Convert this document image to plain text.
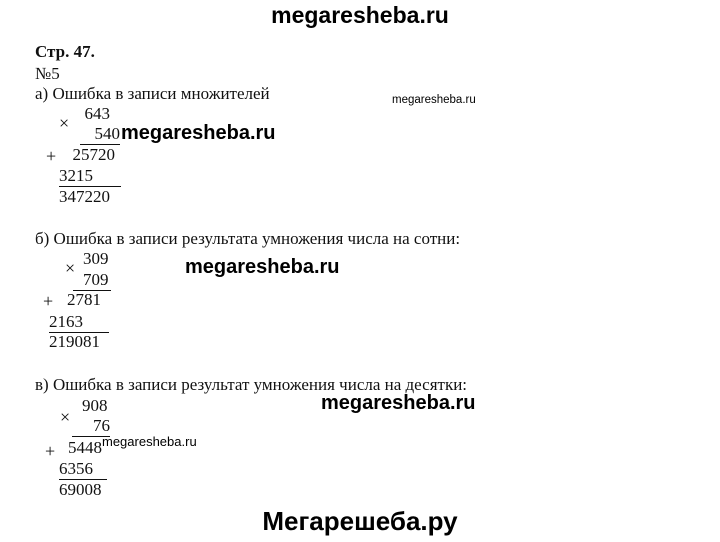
megaresheba.ru
Мегарешеба.ру
Стр. 47.
№5
а) Ошибка в записи множителей
× 643
540
+ 25720
3215
347220
б) Ошибка в записи результата умножения числа на сотни:
× 309
709
+ 2781
2163
219081
в) Ошибка в записи результат умножения числа на десятки:
×
908
76
+ 5448
6356
69008
megaresheba.ru
megaresheba.ru
megaresheba.ru
megaresheba.ru
megaresheba.ru
